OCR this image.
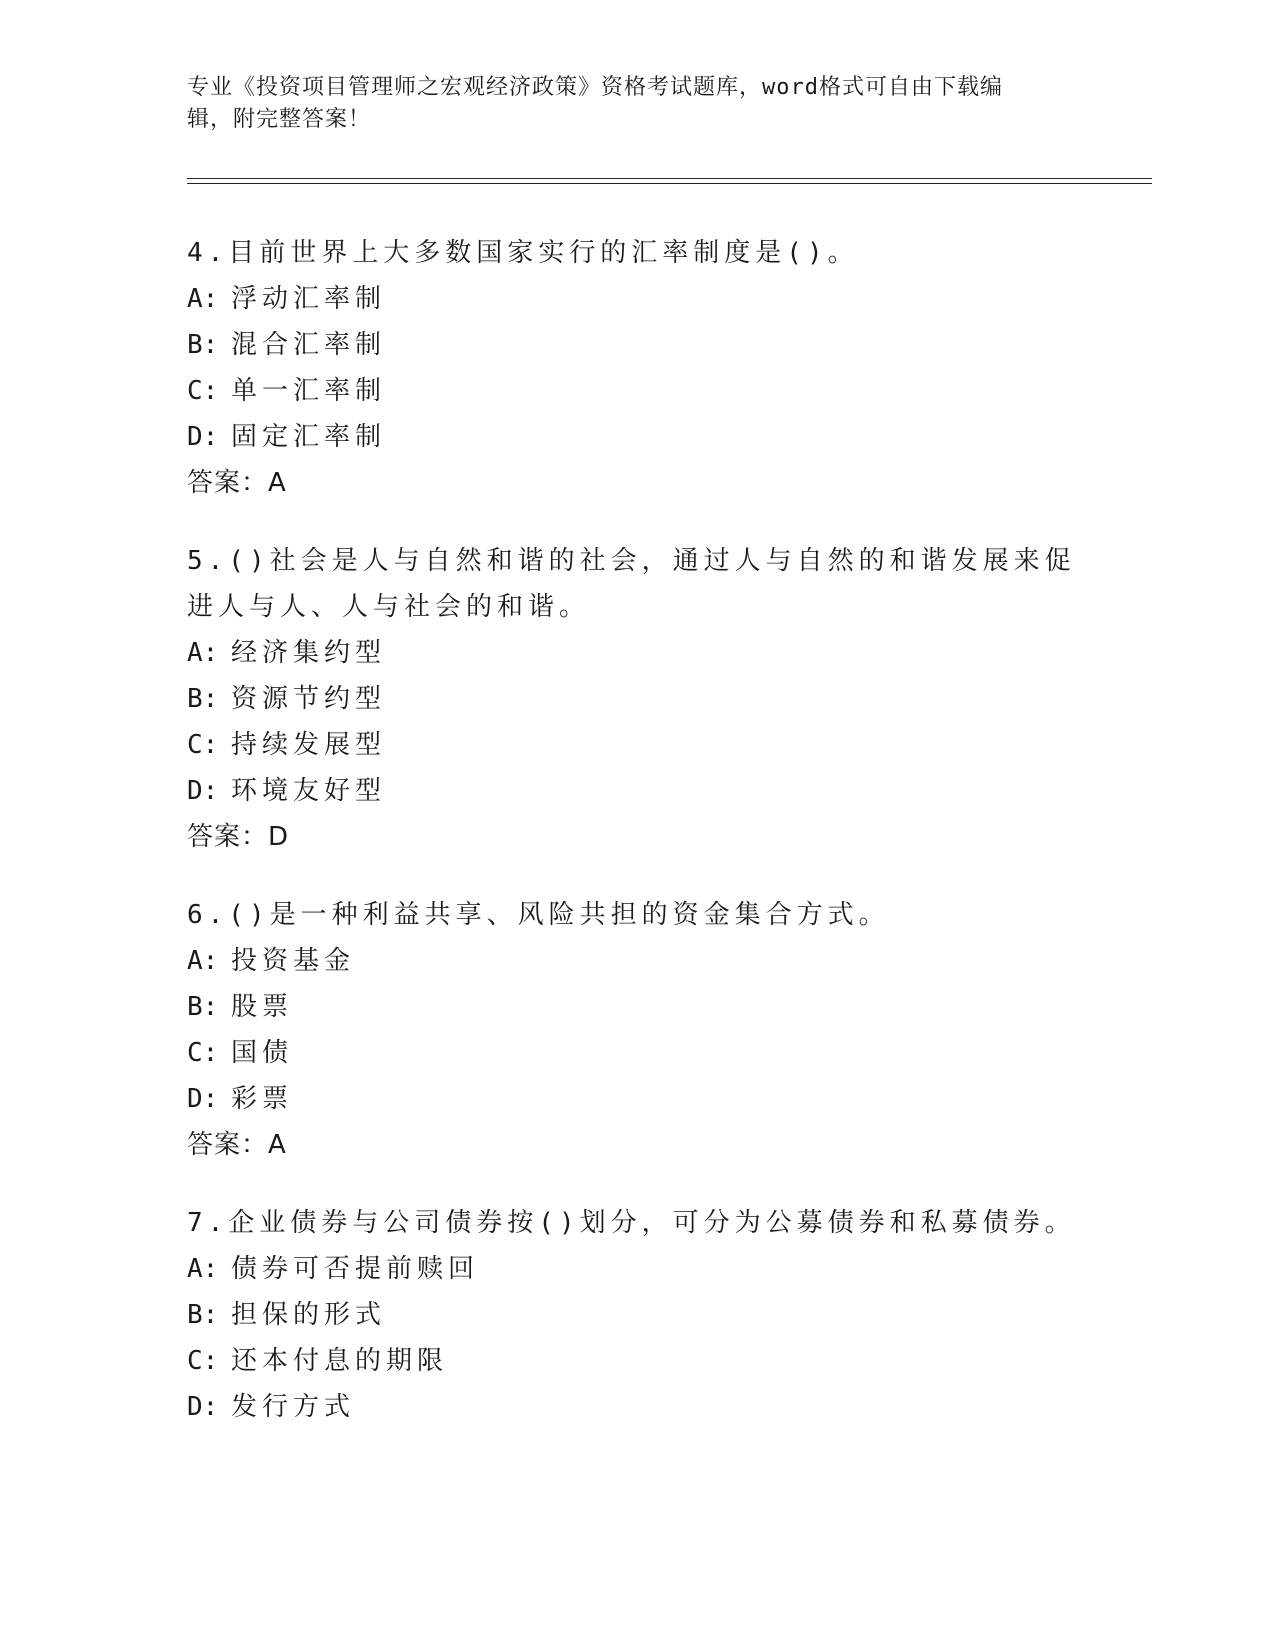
专业《投资项目管理师之宏观经济政策》资格考试题库，word格式可自由下载编
辑，附完整答案！
4.目前世界上大多数国家实行的汇率制度是()。
A: 浮动汇率制
B: 混合汇率制
C: 单一汇率制
D: 固定汇率制
答案：A
5.()社会是人与自然和谐的社会，通过人与自然的和谐发展来促进人与人、人与社会的和谐。
A: 经济集约型
B: 资源节约型
C: 持续发展型
D: 环境友好型
答案：D
6.()是一种利益共享、风险共担的资金集合方式。
A: 投资基金
B: 股票
C: 国债
D: 彩票
答案：A
7.企业债券与公司债券按()划分，可分为公募债券和私募债券。
A: 债券可否提前赎回
B: 担保的形式
C: 还本付息的期限
D: 发行方式
